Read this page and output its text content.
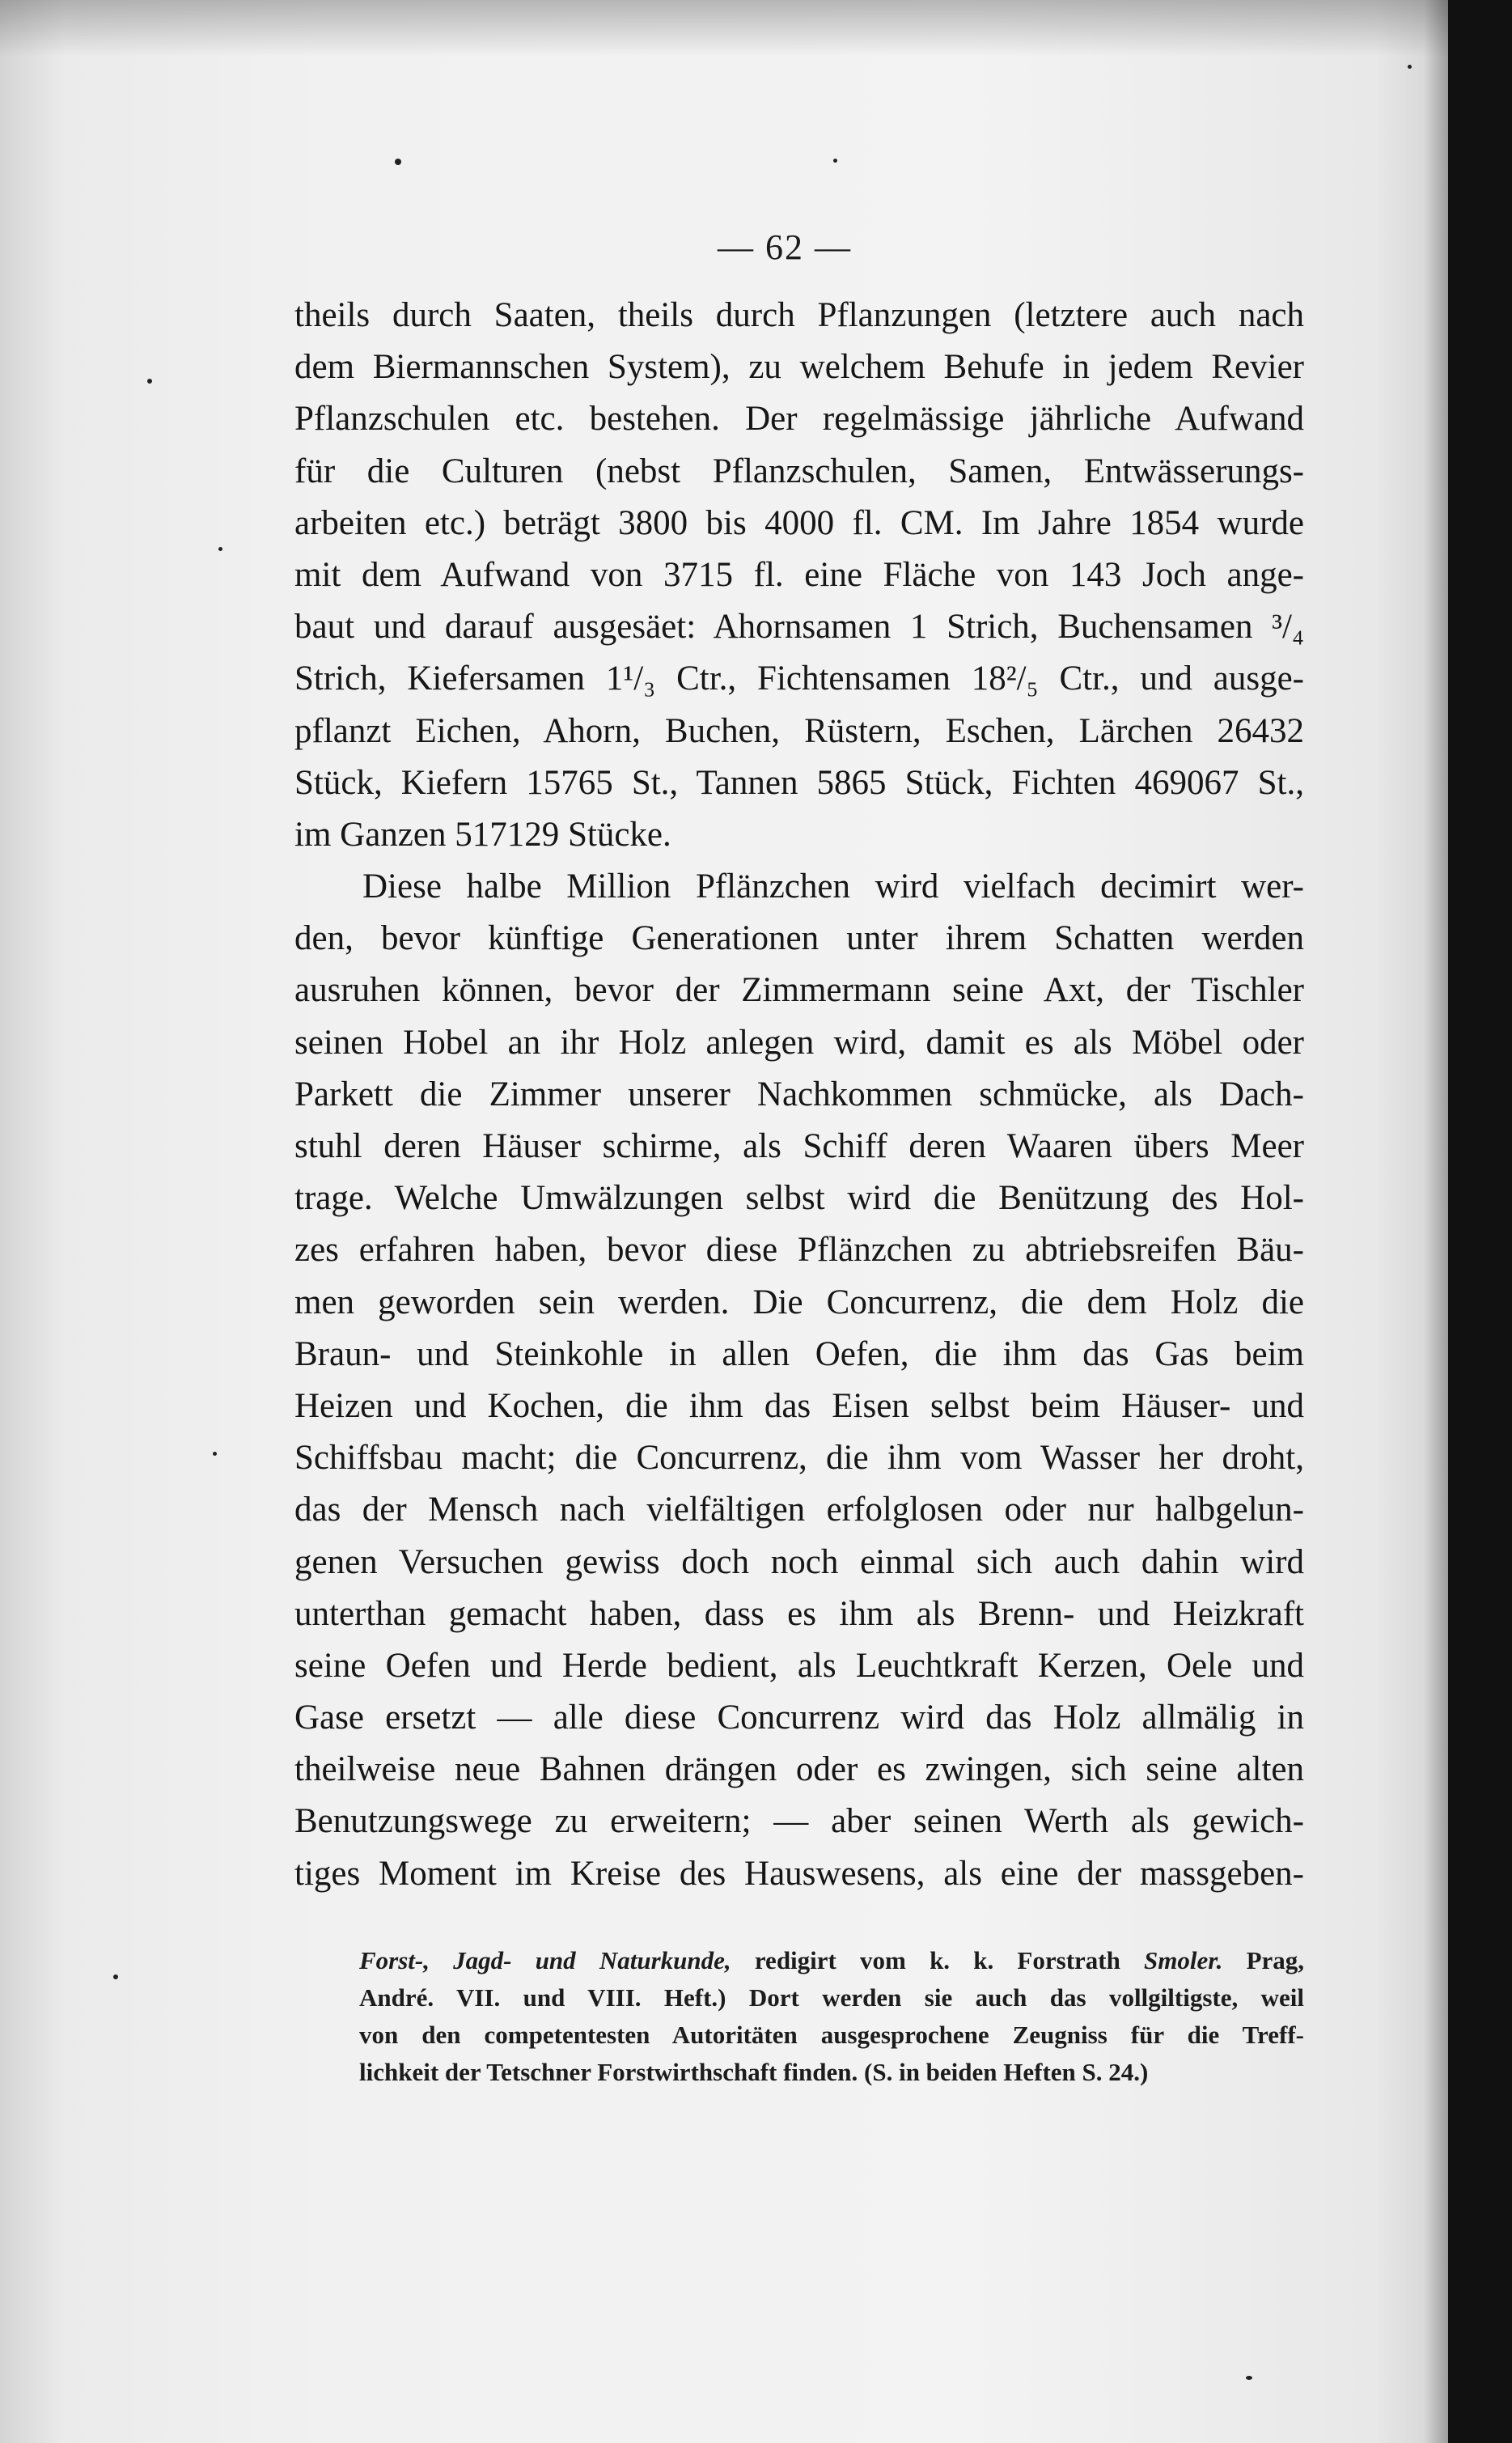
— 62 —
theils durch Saaten, theils durch Pflanzungen (letztere auch nach
dem Biermannschen System), zu welchem Behufe in jedem Revier
Pflanzschulen etc. bestehen. Der regelmässige jährliche Aufwand
für die Culturen (nebst Pflanzschulen, Samen, Entwässerungs-
arbeiten etc.) beträgt 3800 bis 4000 fl. CM. Im Jahre 1854 wurde
mit dem Aufwand von 3715 fl. eine Fläche von 143 Joch ange-
baut und darauf ausgesäet: Ahornsamen 1 Strich, Buchensamen ³/₄
Strich, Kiefersamen 1¹/₃ Ctr., Fichtensamen 18²/₅ Ctr., und ausge-
pflanzt Eichen, Ahorn, Buchen, Rüstern, Eschen, Lärchen 26432
Stück, Kiefern 15765 St., Tannen 5865 Stück, Fichten 469067 St.,
im Ganzen 517129 Stücke.
Diese halbe Million Pflänzchen wird vielfach decimirt wer-
den, bevor künftige Generationen unter ihrem Schatten werden
ausruhen können, bevor der Zimmermann seine Axt, der Tischler
seinen Hobel an ihr Holz anlegen wird, damit es als Möbel oder
Parkett die Zimmer unserer Nachkommen schmücke, als Dach-
stuhl deren Häuser schirme, als Schiff deren Waaren übers Meer
trage. Welche Umwälzungen selbst wird die Benützung des Hol-
zes erfahren haben, bevor diese Pflänzchen zu abtriebsreifen Bäu-
men geworden sein werden. Die Concurrenz, die dem Holz die
Braun- und Steinkohle in allen Oefen, die ihm das Gas beim
Heizen und Kochen, die ihm das Eisen selbst beim Häuser- und
Schiffsbau macht; die Concurrenz, die ihm vom Wasser her droht,
das der Mensch nach vielfältigen erfolglosen oder nur halbgelun-
genen Versuchen gewiss doch noch einmal sich auch dahin wird
unterthan gemacht haben, dass es ihm als Brenn- und Heizkraft
seine Oefen und Herde bedient, als Leuchtkraft Kerzen, Oele und
Gase ersetzt — alle diese Concurrenz wird das Holz allmälig in
theilweise neue Bahnen drängen oder es zwingen, sich seine alten
Benutzungswege zu erweitern; — aber seinen Werth als gewich-
tiges Moment im Kreise des Hauswesens, als eine der massgeben-
Forst-, Jagd- und Naturkunde, redigirt vom k. k. Forstrath Smoler. Prag,
André. VII. und VIII. Heft.) Dort werden sie auch das vollgiltigste, weil
von den competentesten Autoritäten ausgesprochene Zeugniss für die Treff-
lichkeit der Tetschner Forstwirthschaft finden. (S. in beiden Heften S. 24.)
